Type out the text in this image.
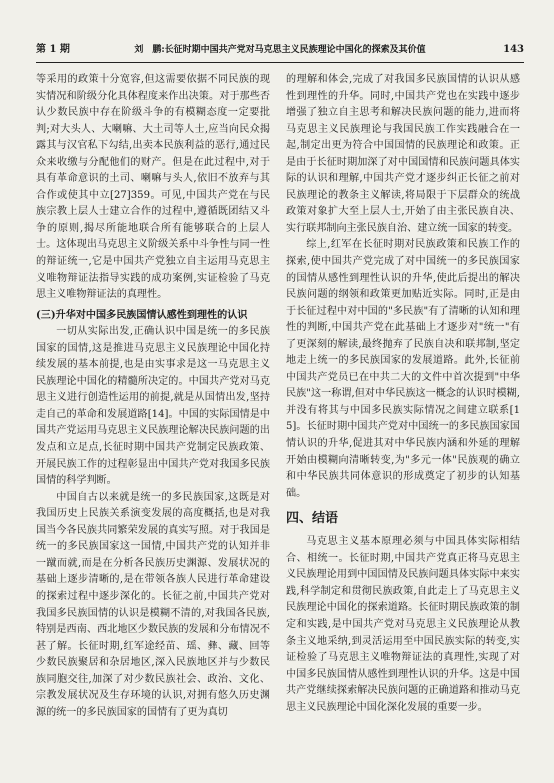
第 1 期	刘　鹏:长征时期中国共产党对马克思主义民族理论中国化的探索及其价值	143

等采用的政策十分宽容,但这需要依据不同民族的现实情况和阶级分化具体程度来作出决策。对于那些否认少数民族中存在阶级斗争的有模糊态度一定要批判;对大头人、大喇嘛、大土司等人士,应当向民众揭露其与汉官私下勾结,出卖本民族利益的恶行,通过民众来收缴与分配他们的财产。但是在此过程中,对于具有革命意识的土司、喇嘛与头人,依旧不放弃与其合作或使其中立[27]359。可见,中国共产党在与民族宗教上层人士建立合作的过程中,遵循既团结又斗争的原则,揭尽所能地联合所有能够联合的上层人士。这体现出马克思主义阶级关系中斗争性与同一性的辩证统一,它是中国共产党独立自主运用马克思主义唯物辩证法指导实践的成功案例,实证检验了马克思主义唯物辩证法的真理性。

(三)升华对中国多民族国情认感性到理性的认识

一切从实际出发,正确认识中国是统一的多民族国家的国情,这是推进马克思主义民族理论中国化持续发展的基本前提,也是由实事求是这一马克思主义民族理论中国化的精髓所决定的。中国共产党对马克思主义进行创造性运用的前提,就是从国情出发,坚持走自己的革命和发展道路[14]。中国的实际国情是中国共产党运用马克思主义民族理论解决民族问题的出发点和立足点,长征时期中国共产党制定民族政策、开展民族工作的过程彰显出中国共产党对我国多民族国情的科学判断。

中国自古以来就是统一的多民族国家,这既是对我国历史上民族关系演变发展的高度概括,也是对我国当今各民族共同繁荣发展的真实写照。对于我国是统一的多民族国家这一国情,中国共产党的认知并非一蹴而就,而是在分析各民族历史渊源、发展状况的基础上逐步清晰的,是在带领各族人民进行革命建设的探索过程中逐步深化的。长征之前,中国共产党对我国多民族国情的认识是模糊不清的,对我国各民族,特别是西南、西北地区少数民族的发展和分布情况不甚了解。长征时期,红军途经苗、瑶、彝、藏、回等少数民族聚居和杂居地区,深入民族地区并与少数民族同胞交往,加深了对少数民族社会、政治、文化、宗教发展状况及生存环境的认识,对拥有悠久历史渊源的统一的多民族国家的国情有了更为真切

的理解和体会,完成了对我国多民族国情的认识从感性到理性的升华。同时,中国共产党也在实践中逐步增强了独立自主思考和解决民族问题的能力,进而将马克思主义民族理论与我国民族工作实践融合在一起,制定出更为符合中国国情的民族理论和政策。正是由于长征时期加深了对中国国情和民族问题具体实际的认识和理解,中国共产党才逐步纠正长征之前对民族理论的教条主义解读,将局限于下层群众的统战政策对象扩大至上层人士,开始了由主张民族自决、实行联邦制向主张民族自治、建立统一国家的转变。

综上,红军在长征时期对民族政策和民族工作的探索,使中国共产党完成了对中国统一的多民族国家的国情从感性到理性认识的升华,使此后提出的解决民族问题的纲领和政策更加贴近实际。同时,正是由于长征过程中对中国的"多民族"有了清晰的认知和理性的判断,中国共产党在此基础上才逐步对"统一"有了更深刻的解读,最终抛弃了民族自决和联邦制,坚定地走上统一的多民族国家的发展道路。此外,长征前中国共产党员已在中共二大的文件中首次提到"中华民族"这一称谓,但对中华民族这一概念的认识时模糊,并没有将其与中国多民族实际情况之间建立联系[15]。长征时期中国共产党对中国统一的多民族国家国情认识的升华,促进其对中华民族内涵和外延的理解开始由模糊向清晰转变,为"多元一体"民族观的确立和中华民族共同体意识的形成奠定了初步的认知基础。

四、结语

马克思主义基本原理必须与中国具体实际相结合、相统一。长征时期,中国共产党真正将马克思主义民族理论用到中国国情及民族问题具体实际中来实践,科学制定和贯彻民族政策,自此走上了马克思主义民族理论中国化的探索道路。长征时期民族政策的制定和实践,是中国共产党对马克思主义民族理论从教条主义地采纳,到灵活运用至中国民族实际的转变,实证检验了马克思主义唯物辩证法的真理性,实现了对中国多民族国情从感性到理性认识的升华。这是中国共产党继续探索解决民族问题的正确道路和推动马克思主义民族理论中国化深化发展的重要一步。
